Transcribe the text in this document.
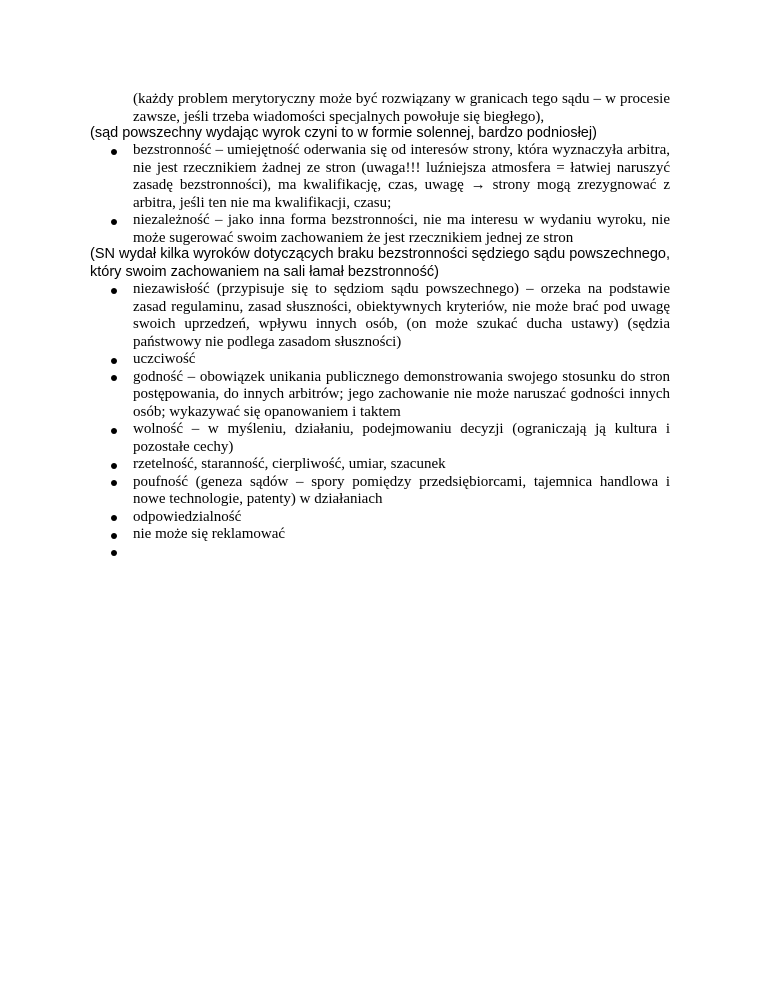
(każdy problem merytoryczny może być rozwiązany w granicach tego sądu – w procesie zawsze, jeśli trzeba wiadomości specjalnych powołuje się biegłego),

(sąd powszechny wydając wyrok czyni to w formie solennej, bardzo podniosłej)

bezstronność – umiejętność oderwania się od interesów strony, która wyznaczyła arbitra, nie jest rzecznikiem żadnej ze stron (uwaga!!! luźniejsza atmosfera = łatwiej naruszyć zasadę bezstronności), ma kwalifikację, czas, uwagę → strony mogą zrezygnować z arbitra, jeśli ten nie ma kwalifikacji, czasu;
niezależność – jako inna forma bezstronności, nie ma interesu w wydaniu wyroku, nie może sugerować swoim zachowaniem że jest rzecznikiem jednej ze stron

(SN wydał kilka wyroków dotyczących braku bezstronności sędziego sądu powszechnego, który swoim zachowaniem na sali łamał bezstronność)

niezawisłość (przypisuje się to sędziom sądu powszechnego) – orzeka na podstawie zasad regulaminu, zasad słuszności, obiektywnych kryteriów, nie może brać pod uwagę swoich uprzedzeń, wpływu innych osób, (on może szukać ducha ustawy) (sędzia państwowy nie podlega zasadom słuszności)
uczciwość
godność – obowiązek unikania publicznego demonstrowania swojego stosunku do stron postępowania, do innych arbitrów; jego zachowanie nie może naruszać godności innych osób; wykazywać się opanowaniem i taktem
wolność – w myśleniu, działaniu, podejmowaniu decyzji (ograniczają ją kultura i pozostałe cechy)
rzetelność, staranność, cierpliwość, umiar, szacunek
poufność (geneza sądów – spory pomiędzy przedsiębiorcami, tajemnica handlowa i nowe technologie, patenty) w działaniach
odpowiedzialność
nie może się reklamować
